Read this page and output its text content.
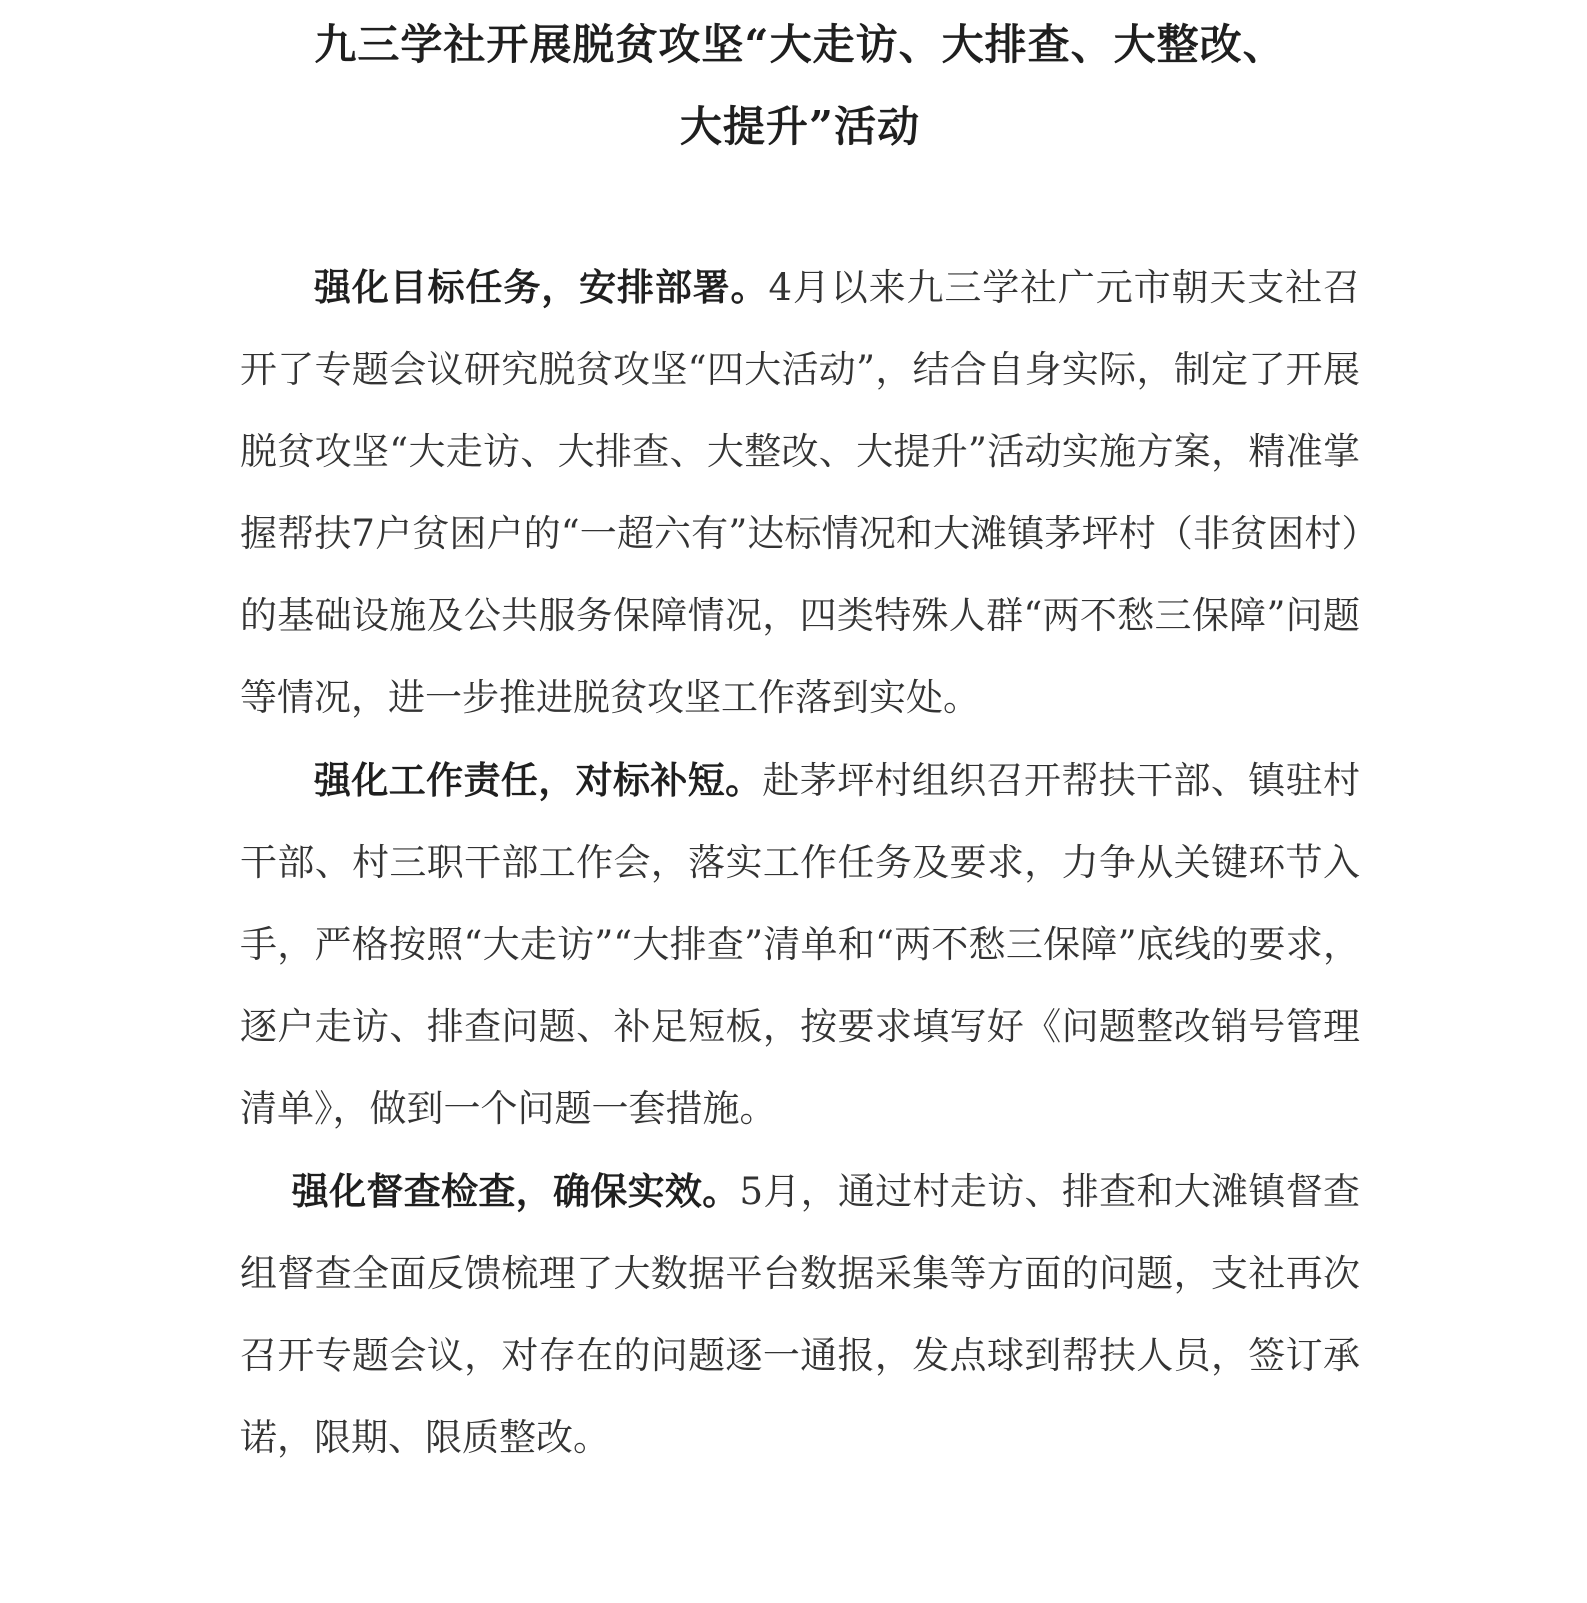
九三学社开展脱贫攻坚“大走访、大排查、大整改、
大提升”活动

强化目标任务，安排部署。4月以来九三学社广元市朝天支社召开了专题会议研究脱贫攻坚“四大活动”，结合自身实际，制定了开展脱贫攻坚“大走访、大排查、大整改、大提升”活动实施方案，精准掌握帮扶7户贫困户的“一超六有”达标情况和大滩镇茅坪村（非贫困村）的基础设施及公共服务保障情况，四类特殊人群“两不愁三保障”问题等情况，进一步推进脱贫攻坚工作落到实处。

强化工作责任，对标补短。赴茅坪村组织召开帮扶干部、镇驻村干部、村三职干部工作会，落实工作任务及要求，力争从关键环节入手，严格按照“大走访”“大排查”清单和“两不愁三保障”底线的要求，逐户走访、排查问题、补足短板，按要求填写好《问题整改销号管理清单》，做到一个问题一套措施。

强化督查检查，确保实效。5月，通过村走访、排查和大滩镇督查组督查全面反馈梳理了大数据平台数据采集等方面的问题，支社再次召开专题会议，对存在的问题逐一通报，发点球到帮扶人员，签订承诺，限期、限质整改。
